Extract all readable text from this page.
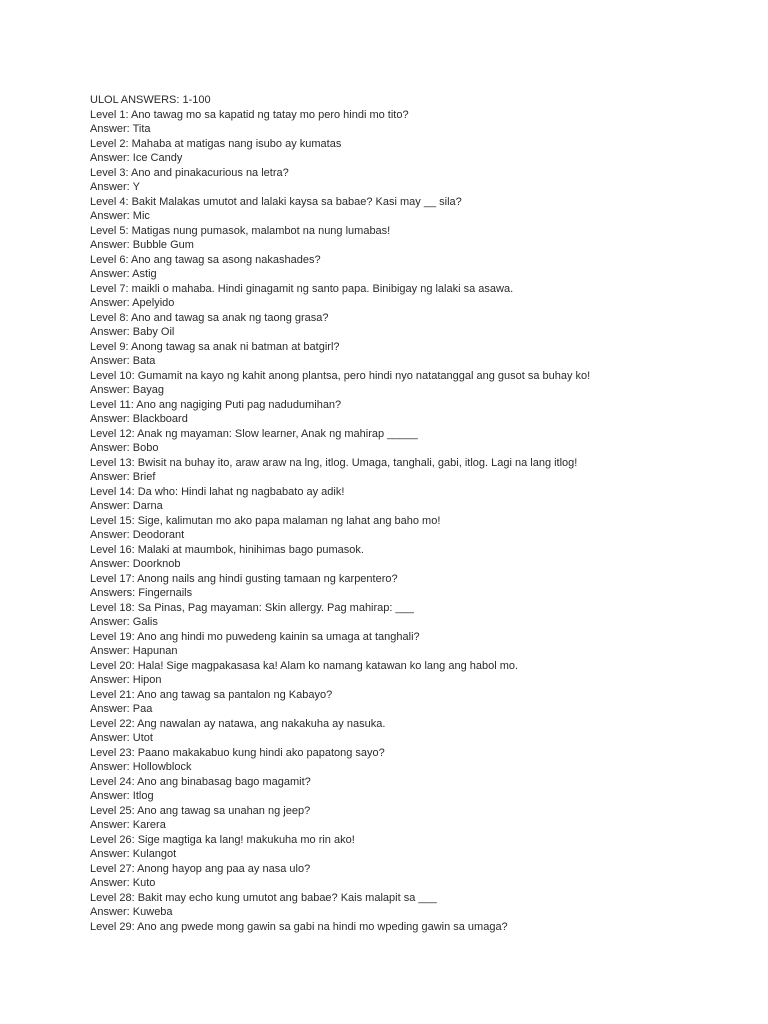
ULOL ANSWERS: 1-100
Level 1: Ano tawag mo sa kapatid ng tatay mo pero hindi mo tito?
Answer: Tita
Level 2: Mahaba at matigas nang isubo ay kumatas
Answer: Ice Candy
Level 3: Ano and pinakacurious na letra?
Answer: Y
Level 4: Bakit Malakas umutot and lalaki kaysa sa babae? Kasi may __ sila?
Answer: Mic
Level 5: Matigas nung pumasok, malambot na nung lumabas!
Answer: Bubble Gum
Level 6: Ano ang tawag sa asong nakashades?
Answer: Astig
Level 7: maikli o mahaba. Hindi ginagamit ng santo papa. Binibigay ng lalaki sa asawa.
Answer: Apelyido
Level 8: Ano and tawag sa anak ng taong grasa?
Answer: Baby Oil
Level 9: Anong tawag sa anak ni batman at batgirl?
Answer: Bata
Level 10: Gumamit na kayo ng kahit anong plantsa, pero hindi nyo natatanggal ang gusot sa buhay ko!
Answer: Bayag
Level 11: Ano ang nagiging Puti pag nadudumihan?
Answer: Blackboard
Level 12: Anak ng mayaman: Slow learner, Anak ng mahirap _____
Answer: Bobo
Level 13: Bwisit na buhay ito, araw araw na lng, itlog. Umaga, tanghali, gabi, itlog. Lagi na lang itlog!
Answer: Brief
Level 14: Da who: Hindi lahat ng nagbabato ay adik!
Answer: Darna
Level 15: Sige, kalimutan mo ako papa malaman ng lahat ang baho mo!
Answer: Deodorant
Level 16: Malaki at maumbok, hinihimas bago pumasok.
Answer: Doorknob
Level 17: Anong nails ang hindi gusting tamaan ng karpentero?
Answers: Fingernails
Level 18: Sa Pinas, Pag mayaman: Skin allergy. Pag mahirap: ___
Answer: Galis
Level 19: Ano ang hindi mo puwedeng kainin sa umaga at tanghali?
Answer: Hapunan
Level 20: Hala! Sige magpakasasa ka! Alam ko namang katawan ko lang ang habol mo.
Answer: Hipon
Level 21: Ano ang tawag sa pantalon ng Kabayo?
Answer: Paa
Level 22: Ang nawalan ay natawa, ang nakakuha ay nasuka.
Answer: Utot
Level 23: Paano makakabuo kung hindi ako papatong sayo?
Answer: Hollowblock
Level 24: Ano ang binabasag bago magamit?
Answer: Itlog
Level 25: Ano ang tawag sa unahan ng jeep?
Answer: Karera
Level 26: Sige magtiga ka lang! makukuha mo rin ako!
Answer: Kulangot
Level 27: Anong hayop ang paa ay nasa ulo?
Answer: Kuto
Level 28: Bakit may echo kung umutot ang babae? Kais malapit sa ___
Answer: Kuweba
Level 29: Ano ang pwede mong gawin sa gabi na hindi mo wpeding gawin sa umaga?
